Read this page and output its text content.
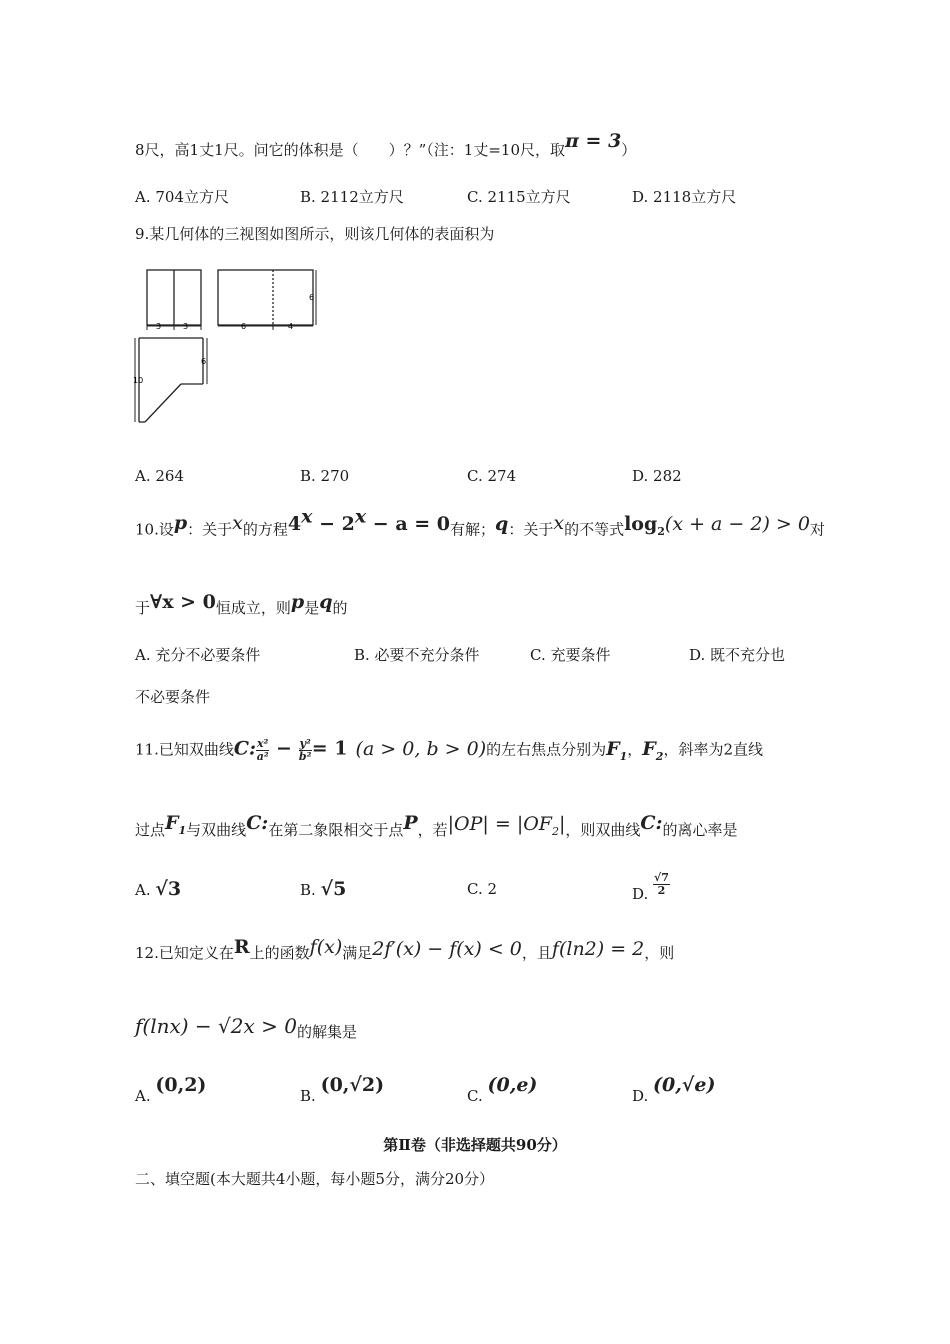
8尺，高1丈1尺。问它的体积是（　　）？”（注：1丈=10尺，取π = 3）
A. 704立方尺	B. 2112立方尺	C. 2115立方尺	D. 2118立方尺
9.某几何体的三视图如图所示，则该几何体的表面积为
3	3	6	4
6
10
6
A. 264	B. 270	C. 274	D. 282
10.设p：关于x的方程$4^x - 2^x - a = 0$有解；q：关于x的不等式$\log_2(x + a - 2) > 0$对
于∀x > 0恒成立，则p是q的
A. 充分不必要条件	B. 必要不充分条件	C. 充要条件	D. 既不充分也
不必要条件
11.已知双曲线C: $\frac{\text{x²}}{\text{a²}} - \frac{\text{y²}}{\text{b²}} = 1$ (a > 0, b > 0)的左右焦点分别为$F_1$，$F_2$，斜率为2直线
过点$F_1$与双曲线C:在第二象限相交于点P，若$|OP| = |OF_2|$，则双曲线C:的离心率是
A. √3	B. √5	C. 2	D. $\frac{√7}{2}$
12.已知定义在R上的函数f(x)满足2f′(x) − f(x) < 0，且f(ln2) = 2，则
f(lnx) − √2x > 0的解集是
A. (0,2)	B. (0,√2)	C. (0,e)	D. (0,√e)
第Ⅱ卷（非选择题共90分）
二、填空题(本大题共4小题，每小题5分，满分20分）
